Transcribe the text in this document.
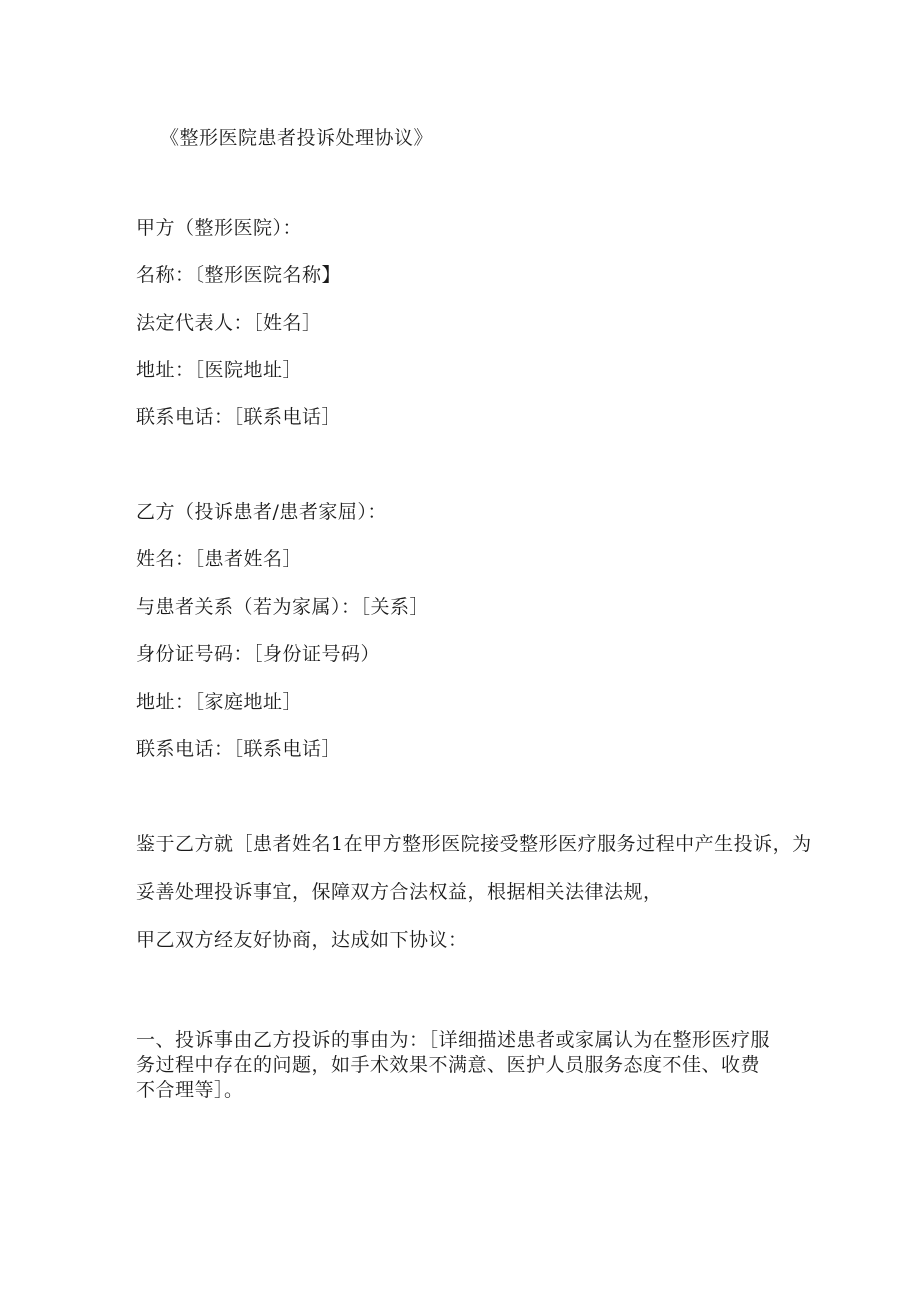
《整形医院患者投诉处理协议》
甲方（整形医院）：
名称：〔整形医院名称】
法定代表人：［姓名］
地址：［医院地址］
联系电话：［联系电话］
乙方（投诉患者/患者家屈）：
姓名：［患者姓名］
与患者关系（若为家属）：［关系］
身份证号码：［身份证号码）
地址：［家庭地址］
联系电话：［联系电话］
鉴于乙方就［患者姓名1在甲方整形医院接受整形医疗服务过程中产生投诉，为
妥善处理投诉事宜，保障双方合法权益，根据相关法律法规，
甲乙双方经友好协商，达成如下协议：
一、投诉事由乙方投诉的事由为：［详细描述患者或家属认为在整形医疗服务过程中存在的问题，如手术效果不满意、医护人员服务态度不佳、收费不合理等］。
